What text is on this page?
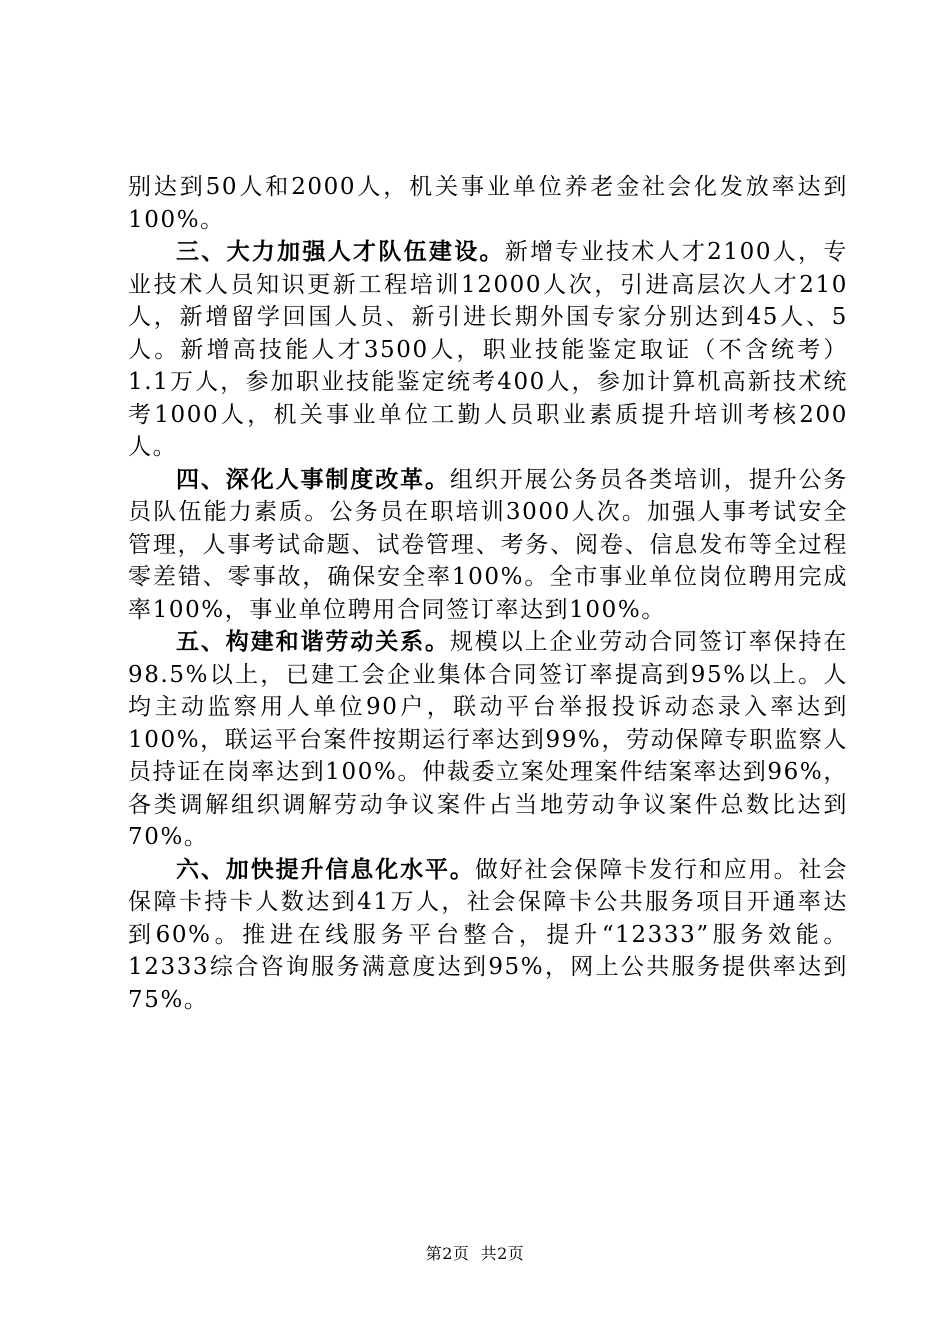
别达到50人和2000人，机关事业单位养老金社会化发放率达到100%。

三、大力加强人才队伍建设。新增专业技术人才2100人，专业技术人员知识更新工程培训12000人次，引进高层次人才210人，新增留学回国人员、新引进长期外国专家分别达到45人、5人。新增高技能人才3500人，职业技能鉴定取证（不含统考）1.1万人，参加职业技能鉴定统考400人，参加计算机高新技术统考1000人，机关事业单位工勤人员职业素质提升培训考核200人。

四、深化人事制度改革。组织开展公务员各类培训，提升公务员队伍能力素质。公务员在职培训3000人次。加强人事考试安全管理，人事考试命题、试卷管理、考务、阅卷、信息发布等全过程零差错、零事故，确保安全率100%。全市事业单位岗位聘用完成率100%，事业单位聘用合同签订率达到100%。

五、构建和谐劳动关系。规模以上企业劳动合同签订率保持在98.5%以上，已建工会企业集体合同签订率提高到95%以上。人均主动监察用人单位90户，联动平台举报投诉动态录入率达到100%，联运平台案件按期运行率达到99%，劳动保障专职监察人员持证在岗率达到100%。仲裁委立案处理案件结案率达到96%，各类调解组织调解劳动争议案件占当地劳动争议案件总数比达到70%。

六、加快提升信息化水平。做好社会保障卡发行和应用。社会保障卡持卡人数达到41万人，社会保障卡公共服务项目开通率达到60%。推进在线服务平台整合，提升“12333”服务效能。12333综合咨询服务满意度达到95%，网上公共服务提供率达到75%。

第2页 共2页
